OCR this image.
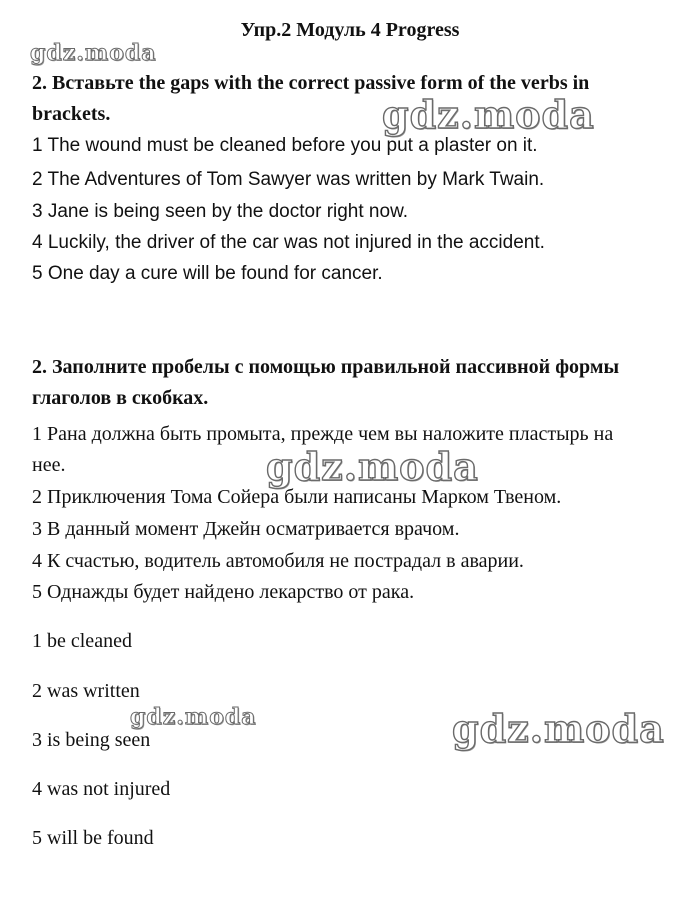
Упр.2 Модуль 4 Progress
gdz.moda
gdz.moda
gdz.moda
gdz.moda	gdz.moda
2. Вставьте the gaps with the correct passive form of the verbs in brackets.
1 The wound must be cleaned before you put a plaster on it.
2 The Adventures of Tom Sawyer was written by Mark Twain.
3 Jane is being seen by the doctor right now.
4 Luckily, the driver of the car was not injured in the accident.
5 One day a cure will be found for cancer.
2. Заполните пробелы с помощью правильной пассивной формы глаголов в скобках.
1 Рана должна быть промыта, прежде чем вы наложите пластырь на
нее.
2 Приключения Тома Сойера были написаны Марком Твеном.
3 В данный момент Джейн осматривается врачом.
4 К счастью, водитель автомобиля не пострадал в аварии.
5 Однажды будет найдено лекарство от рака.
1 be cleaned
2 was written
3 is being seen
4 was not injured
5 will be found
